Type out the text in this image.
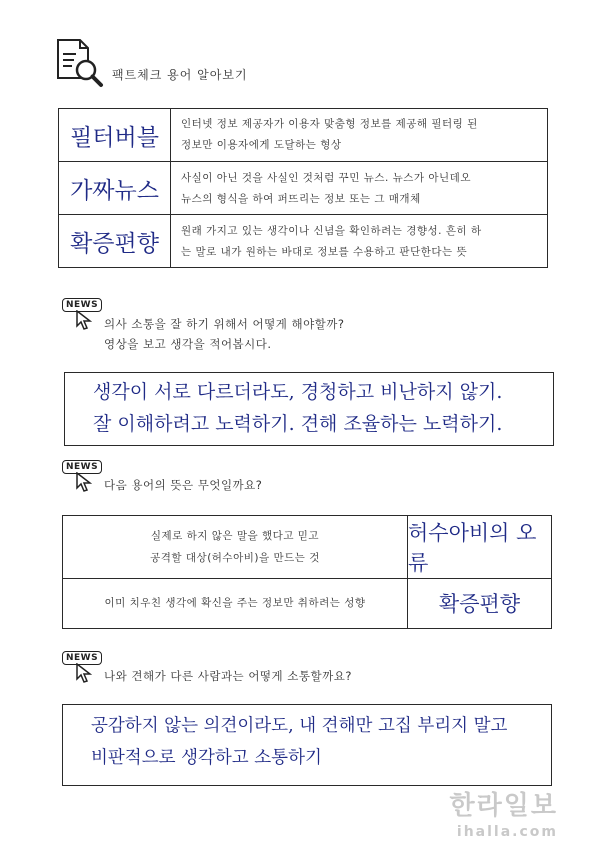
팩트체크 용어 알아보기
필터버블
인터넷 정보 제공자가 이용자 맞춤형 정보를 제공해 필터링 된
정보만 이용자에게 도달하는 형상
가짜뉴스
사실이 아닌 것을 사실인 것처럼 꾸민 뉴스. 뉴스가 아닌데오
뉴스의 형식을 하여 퍼뜨리는 정보 또는 그 매개체
확증편향
원래 가지고 있는 생각이나 신념을 확인하려는 경향성. 흔히 하
는 말로 내가 원하는 바대로 정보를 수용하고 판단한다는 뜻
NEWS
의사 소통을 잘 하기 위해서 어떻게 해야할까?
영상을 보고 생각을 적어봅시다.
생각이 서로 다르더라도, 경청하고 비난하지 않기.
잘 이해하려고 노력하기. 견해 조율하는 노력하기.
NEWS
다음 용어의 뜻은 무엇일까요?
실제로 하지 않은 말을 했다고 믿고
공격할 대상(허수아비)을 만드는 것
허수아비의 오류
이미 치우친 생각에 확신을 주는 정보만 취하려는 성향	확증편향
NEWS
나와 견해가 다른 사람과는 어떻게 소통할까요?
공감하지 않는 의견이라도, 내 견해만 고집 부리지 말고
비판적으로 생각하고 소통하기
한라일보
ihalla.com
